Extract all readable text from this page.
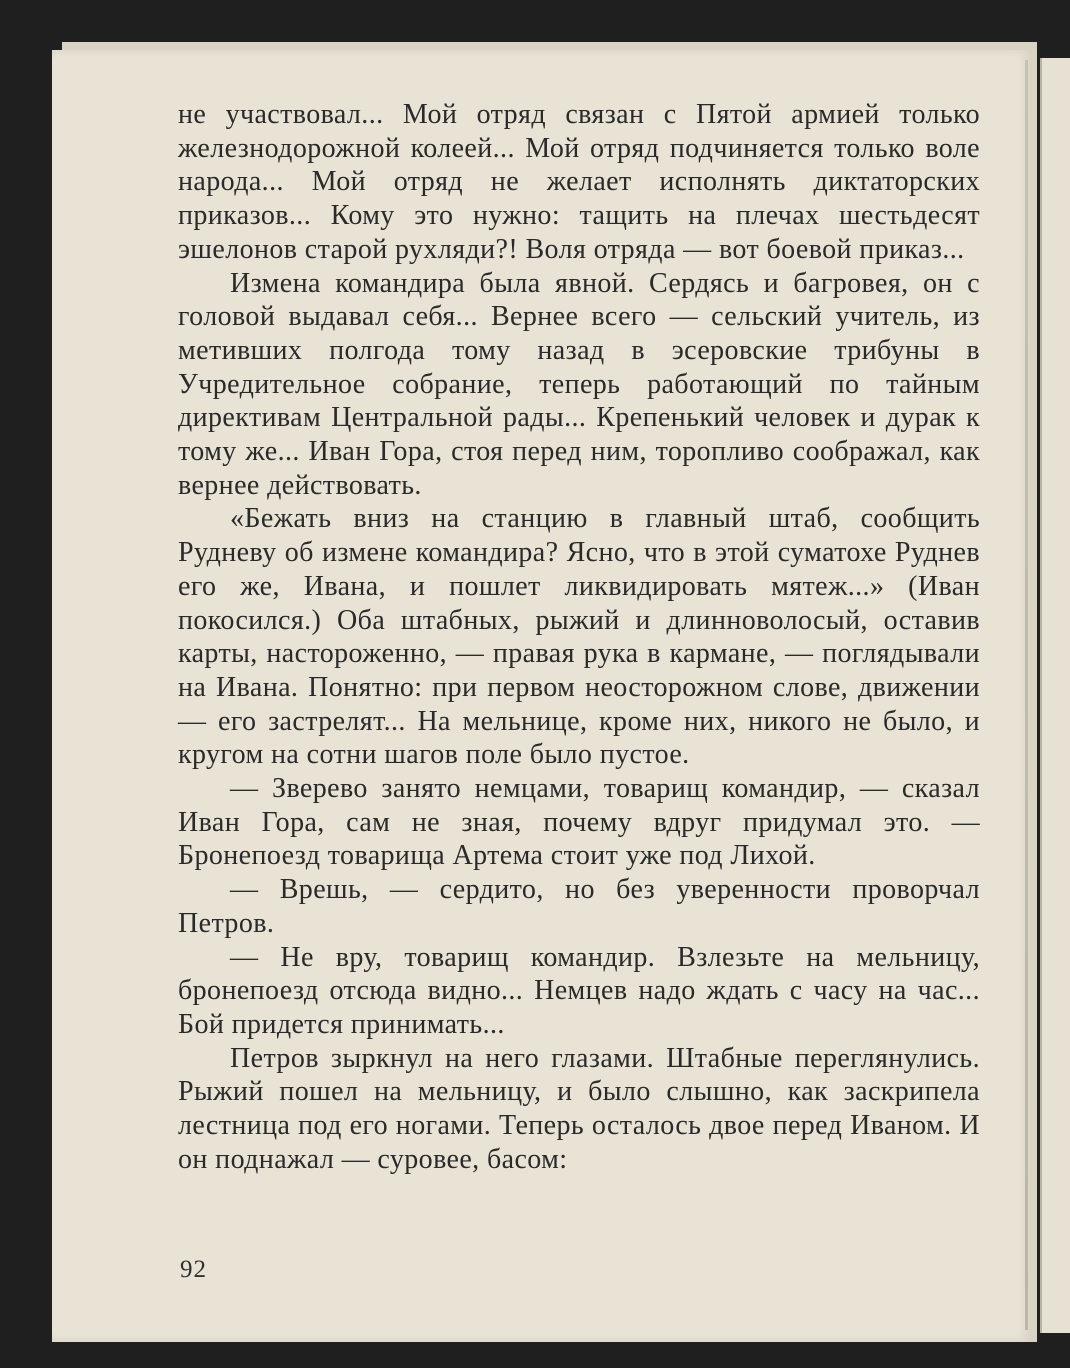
не участвовал... Мой отряд связан с Пятой армией только железнодорожной колеей... Мой отряд подчиняется только воле народа... Мой отряд не желает исполнять диктаторских приказов... Кому это нужно: тащить на плечах шестьдесят эшелонов старой рухляди?! Воля отряда — вот боевой приказ...

Измена командира была явной. Сердясь и багровея, он с головой выдавал себя... Вернее всего — сельский учитель, из метивших полгода тому назад в эсеровские трибуны в Учредительное собрание, теперь работающий по тайным директивам Центральной рады... Крепенький человек и дурак к тому же... Иван Гора, стоя перед ним, торопливо соображал, как вернее действовать.

«Бежать вниз на станцию в главный штаб, сообщить Рудневу об измене командира? Ясно, что в этой суматохе Руднев его же, Ивана, и пошлет ликвидировать мятеж...» (Иван покосился.) Оба штабных, рыжий и длинноволосый, оставив карты, настороженно, — правая рука в кармане, — поглядывали на Ивана. Понятно: при первом неосторожном слове, движении — его застрелят... На мельнице, кроме них, никого не было, и кругом на сотни шагов поле было пустое.

— Зверево занято немцами, товарищ командир, — сказал Иван Гора, сам не зная, почему вдруг придумал это. — Бронепоезд товарища Артема стоит уже под Лихой.

— Врешь, — сердито, но без уверенности проворчал Петров.

— Не вру, товарищ командир. Взлезьте на мельницу, бронепоезд отсюда видно... Немцев надо ждать с часу на час... Бой придется принимать...

Петров зыркнул на него глазами. Штабные переглянулись. Рыжий пошел на мельницу, и было слышно, как заскрипела лестница под его ногами. Теперь осталось двое перед Иваном. И он поднажал — суровее, басом:

92
